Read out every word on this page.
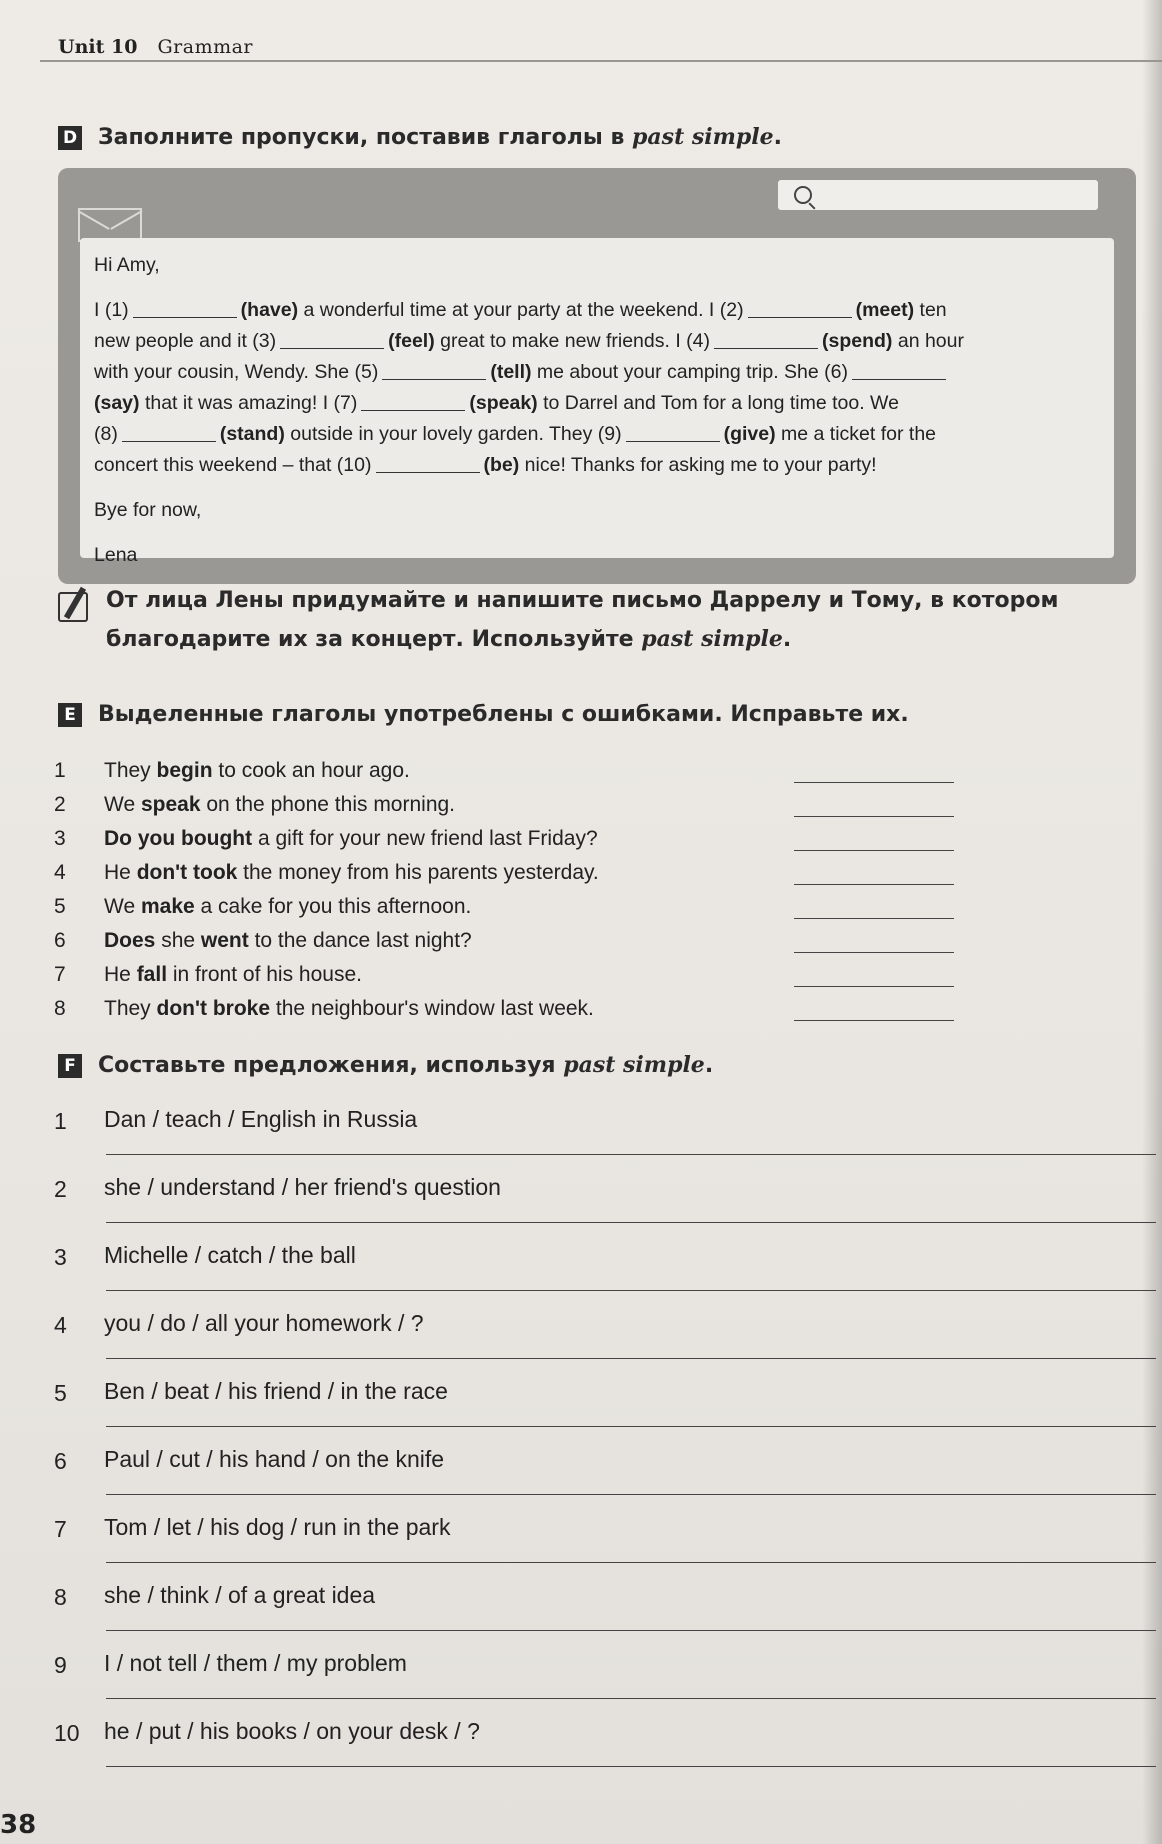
Unit 10 Grammar
D Заполните пропуски, поставив глаголы в past simple.

Hi Amy,

I (1)	(have) a wonderful time at your party at the weekend. I (2)	(meet) ten

new people and it (3)	(feel) great to make new friends. I (4)	(spend) an hour

with your cousin, Wendy. She (5)	(tell) me about your camping trip. She (6)

(say) that it was amazing! I (7)	(speak) to Darrel and Tom for a long time too. We

(8)	(stand) outside in your lovely garden. They (9)	(give) me a ticket for the

concert this weekend – that (10)	(be) nice! Thanks for asking me to your party!

Bye for now,

Lena

От лица Лены придумайте и напишите письмо Даррелу и Тому, в котором
благодарите их за концерт. Используйте past simple.
E Выделенные глаголы употреблены с ошибками. Исправьте их.
1	They begin to cook an hour ago.
2	We speak on the phone this morning.
3	Do you bought a gift for your new friend last Friday?
4	He don't took the money from his parents yesterday.
5	We make a cake for you this afternoon.
6	Does she went to the dance last night?
7	He fall in front of his house.
8	They don't broke the neighbour's window last week.
F Составьте предложения, используя past simple.
1 Dan / teach / English in Russia
2 she / understand / her friend's question
3 Michelle / catch / the ball
4 you / do / all your homework / ?
5 Ben / beat / his friend / in the race
6 Paul / cut / his hand / on the knife
7 Tom / let / his dog / run in the park
8 she / think / of a great idea
9 I / not tell / them / my problem
10 he / put / his books / on your desk / ?
38
